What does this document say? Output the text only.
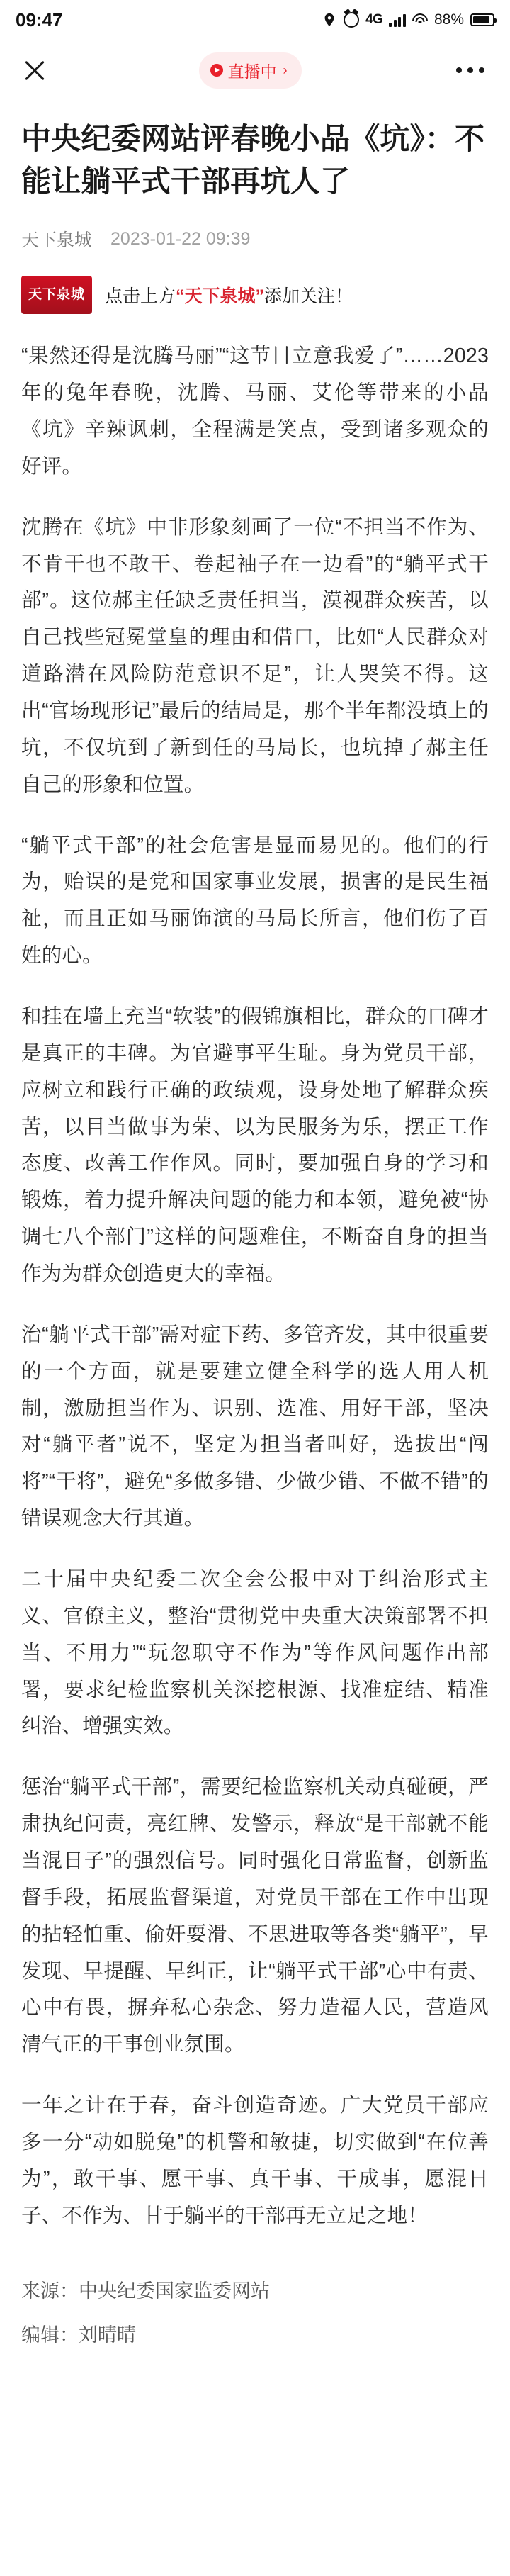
09:47	4G	88%
直播中 ›
中央纪委网站评春晚小品《坑》：不能让躺平式干部再坑人了
天下泉城 2023-01-22 09:39
天下 泉城 点击上方“天下泉城”添加关注！

“果然还得是沈腾马丽”“这节目立意我爱了”……2023年的兔年春晚，沈腾、马丽、艾伦等带来的小品《坑》辛辣讽刺，全程满是笑点，受到诸多观众的好评。

沈腾在《坑》中非形象刻画了一位“不担当不作为、不肯干也不敢干、卷起袖子在一边看”的“躺平式干部”。这位郝主任缺乏责任担当，漠视群众疾苦，以自己找些冠冕堂皇的理由和借口，比如“人民群众对道路潜在风险防范意识不足”，让人哭笑不得。这出“官场现形记”最后的结局是，那个半年都没填上的坑，不仅坑到了新到任的马局长，也坑掉了郝主任自己的形象和位置。

“躺平式干部”的社会危害是显而易见的。他们的行为，贻误的是党和国家事业发展，损害的是民生福祉，而且正如马丽饰演的马局长所言，他们伤了百姓的心。

和挂在墙上充当“软装”的假锦旗相比，群众的口碑才是真正的丰碑。为官避事平生耻。身为党员干部，应树立和践行正确的政绩观，设身处地了解群众疾苦，以目当做事为荣、以为民服务为乐，摆正工作态度、改善工作作风。同时，要加强自身的学习和锻炼，着力提升解决问题的能力和本领，避免被“协调七八个部门”这样的问题难住，不断奋自身的担当作为为群众创造更大的幸福。

治“躺平式干部”需对症下药、多管齐发，其中很重要的一个方面，就是要建立健全科学的选人用人机制，激励担当作为、识别、选准、用好干部，坚决对“躺平者”说不，坚定为担当者叫好，选拔出“闯将”“干将”，避免“多做多错、少做少错、不做不错”的错误观念大行其道。

二十届中央纪委二次全会公报中对于纠治形式主义、官僚主义，整治“贯彻党中央重大决策部署不担当、不用力”“玩忽职守不作为”等作风问题作出部署，要求纪检监察机关深挖根源、找准症结、精准纠治、增强实效。

惩治“躺平式干部”，需要纪检监察机关动真碰硬，严肃执纪问责，亮红牌、发警示，释放“是干部就不能当混日子”的强烈信号。同时强化日常监督，创新监督手段，拓展监督渠道，对党员干部在工作中出现的拈轻怕重、偷奸耍滑、不思进取等各类“躺平”，早发现、早提醒、早纠正，让“躺平式干部”心中有责、心中有畏，摒弃私心杂念、努力造福人民，营造风清气正的干事创业氛围。

一年之计在于春，奋斗创造奇迹。广大党员干部应多一分“动如脱兔”的机警和敏捷，切实做到“在位善为”，敢干事、愿干事、真干事、干成事，愿混日子、不作为、甘于躺平的干部再无立足之地！

来源：中央纪委国家监委网站
编辑：刘晴晴
